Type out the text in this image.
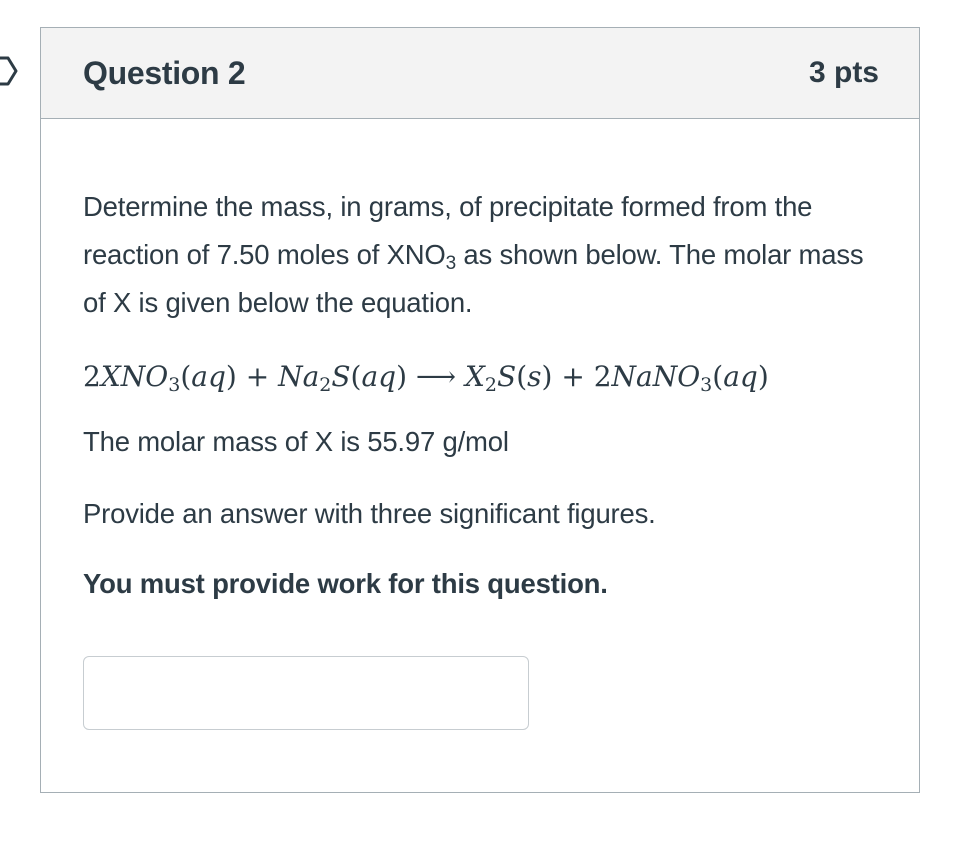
Question 2	3 pts

Determine the mass, in grams, of precipitate formed from the reaction of 7.50 moles of $XNO_3$ as shown below. The molar mass of X is given below the equation.

$2XNO_3(aq) + Na_2S(aq)$ ⟶ $X_2S(s)$ + 2NaNO$_3$(aq)
The molar mass of X is 55.97 g/mol
Provide an answer with three significant figures.
You must provide work for this question.
